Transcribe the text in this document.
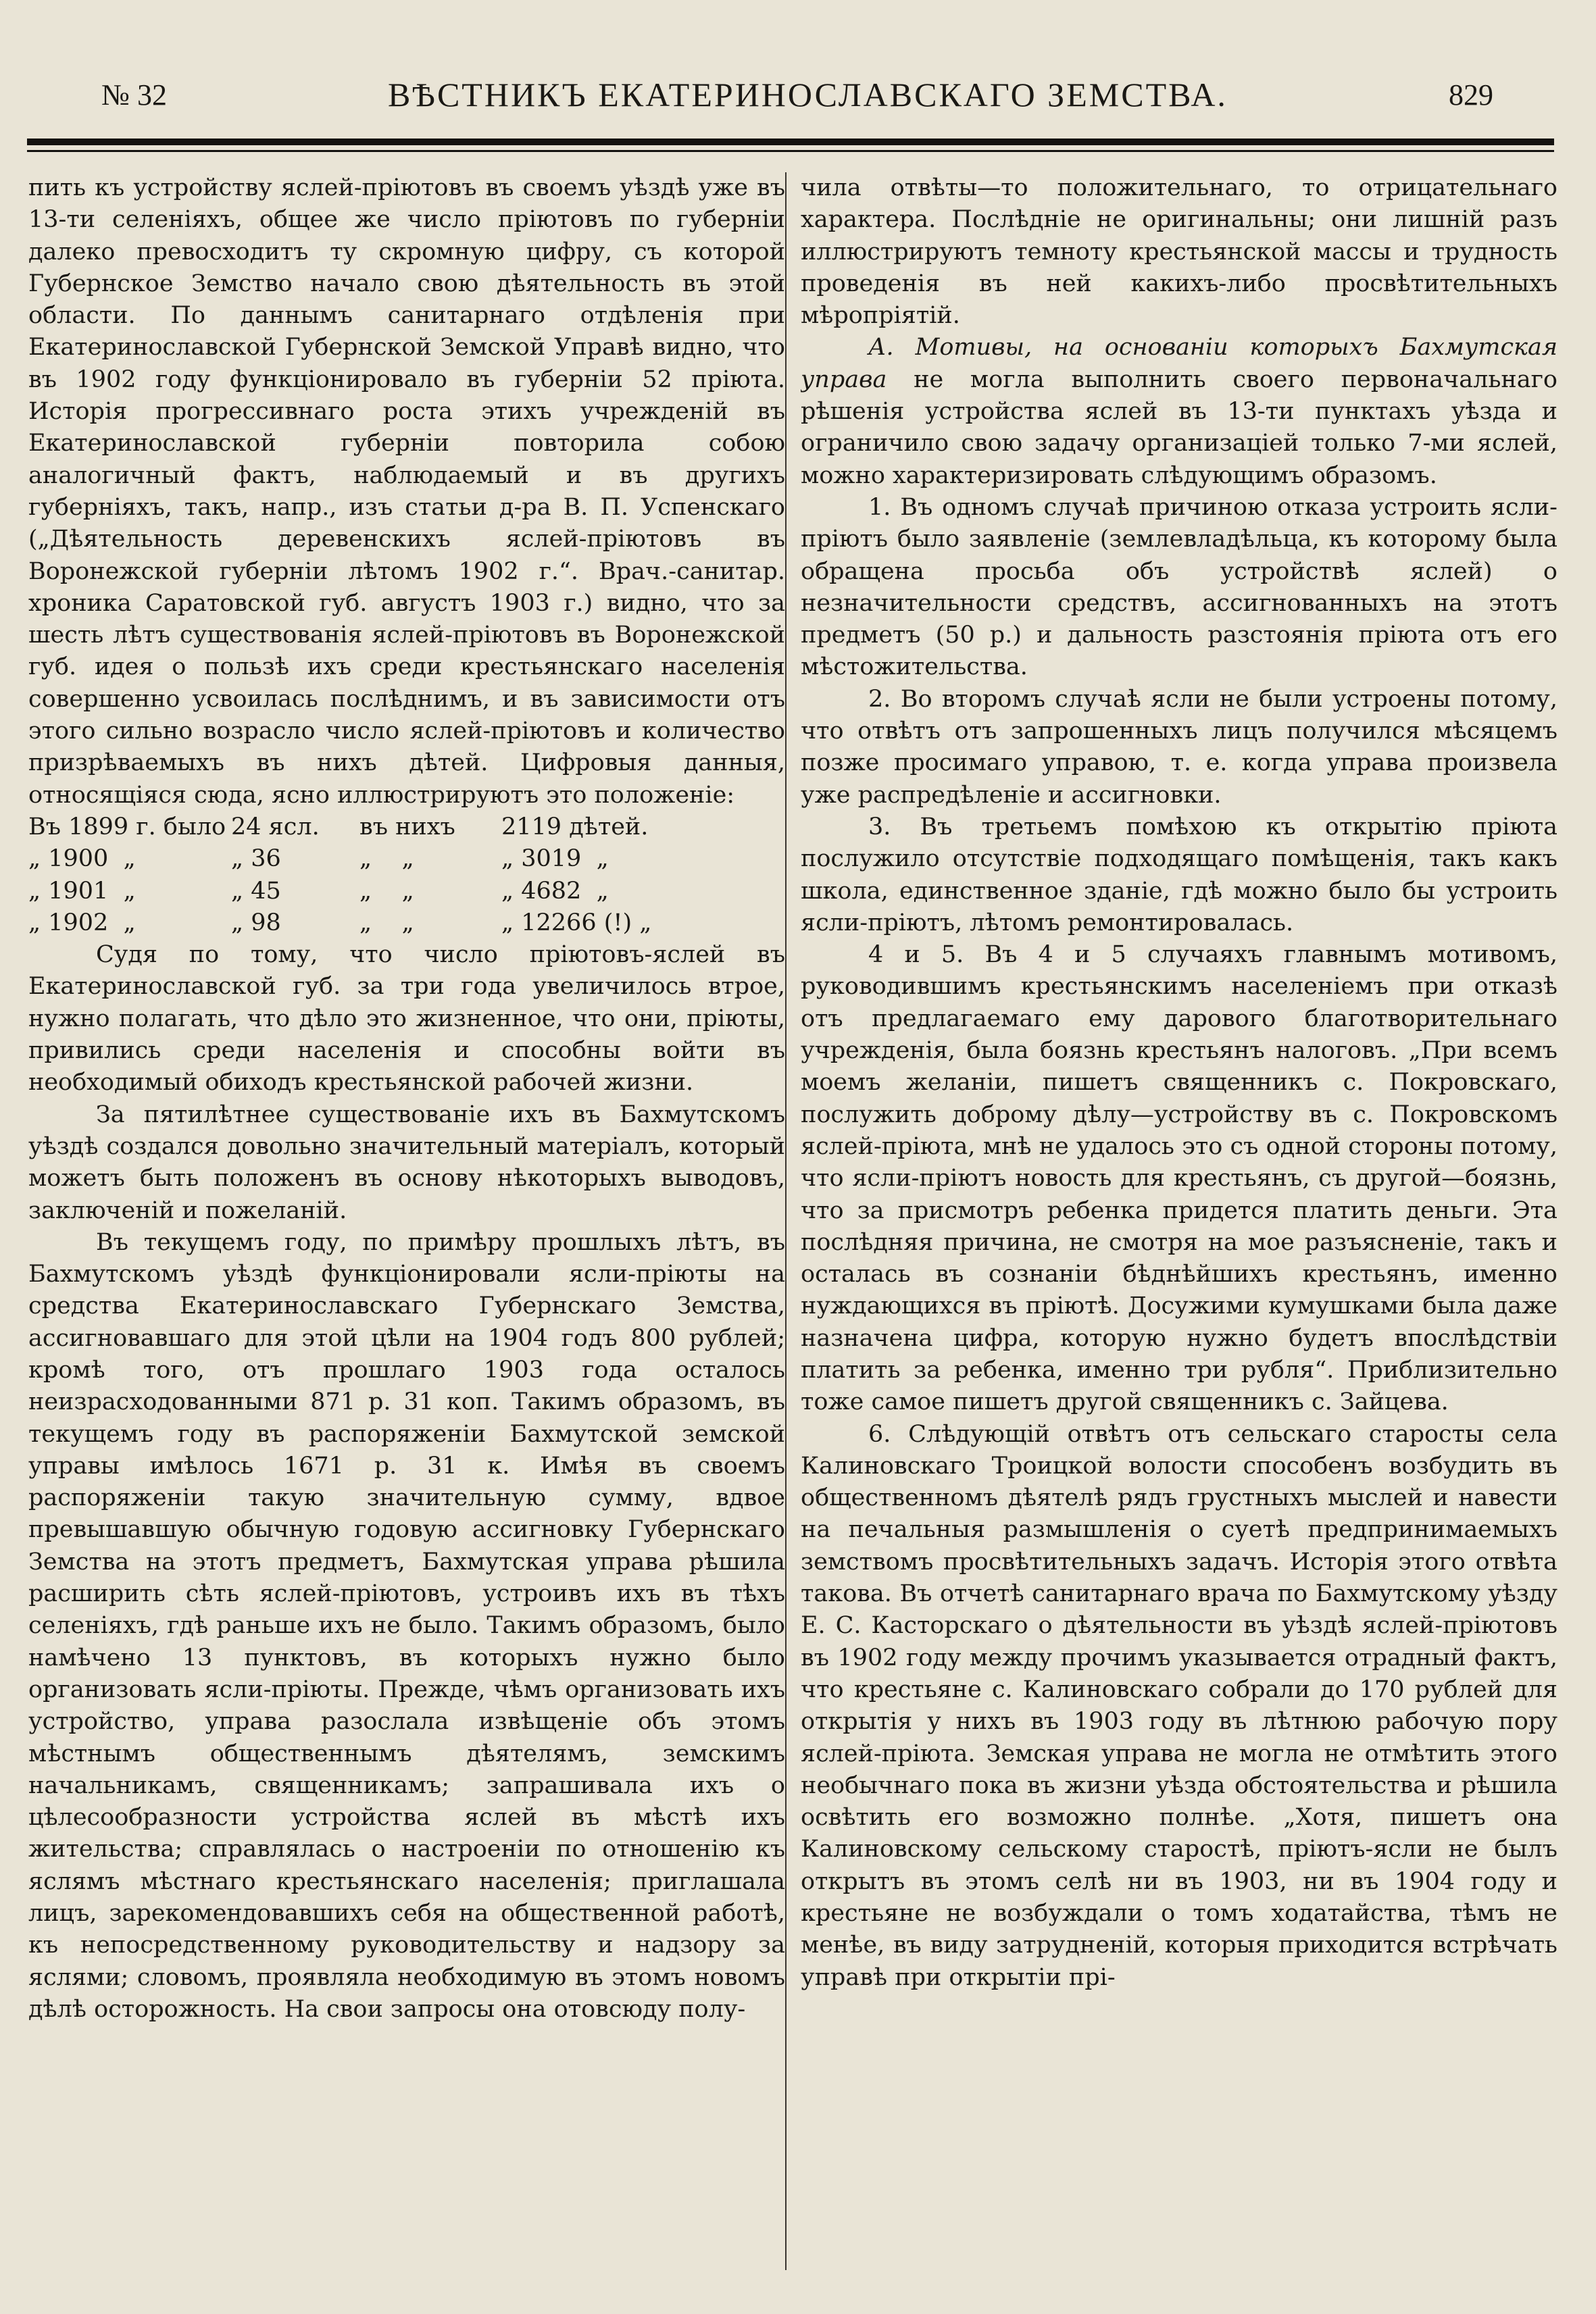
№ 32	ВѢСТНИКЪ ЕКАТЕРИНОСЛАВСКАГО ЗЕМСТВА.	829

пить къ устройству яслей-пріютовъ въ своемъ уѣздѣ уже въ 13-ти селеніяхъ, общее же число пріютовъ по губерніи далеко превосходитъ ту скромную цифру, съ которой Губернское Земство начало свою дѣятельность въ этой области. По даннымъ санитарнаго отдѣленія при Екатеринославской Губернской Земской Управѣ видно, что въ 1902 году функціонировало въ губерніи 52 пріюта. Исторія прогрессивнаго роста этихъ учрежденій въ Екатеринославской губерніи повторила собою аналогичный фактъ, наблюдаемый и въ другихъ губерніяхъ, такъ, напр., изъ статьи д-ра В. П. Успенскаго („Дѣятельность деревенскихъ яслей-пріютовъ въ Воронежской губерніи лѣтомъ 1902 г.“. Врач.-санитар. хроника Саратовской губ. августъ 1903 г.) видно, что за шесть лѣтъ существованія яслей-пріютовъ въ Воронежской губ. идея о пользѣ ихъ среди крестьянскаго населенія совершенно усвоилась послѣднимъ, и въ зависимости отъ этого сильно возрасло число яслей-пріютовъ и количество призрѣваемыхъ въ нихъ дѣтей. Цифровыя данныя, относящіяся сюда, ясно иллюстрируютъ это положеніе:

Въ 1899 г. было 24 ясл.	въ нихъ	2119 дѣтей.
„ 1900  „	„ 36	„    „	„ 3019  „
„ 1901  „	„ 45	„    „	„ 4682  „
„ 1902  „	„ 98	„    „	„ 12266 (!) „

Судя по тому, что число пріютовъ-яслей въ Екатеринославской губ. за три года увеличилось втрое, нужно полагать, что дѣло это жизненное, что они, пріюты, привились среди населенія и способны войти въ необходимый обиходъ крестьянской рабочей жизни.

За пятилѣтнее существованіе ихъ въ Бахмутскомъ уѣздѣ создался довольно значительный матеріалъ, который можетъ быть положенъ въ основу нѣкоторыхъ выводовъ, заключеній и пожеланій.

Въ текущемъ году, по примѣру прошлыхъ лѣтъ, въ Бахмутскомъ уѣздѣ функціонировали ясли-пріюты на средства Екатеринославскаго Губернскаго Земства, ассигновавшаго для этой цѣли на 1904 годъ 800 рублей; кромѣ того, отъ прошлаго 1903 года осталось неизрасходованными 871 р. 31 коп. Такимъ образомъ, въ текущемъ году въ распоряженіи Бахмутской земской управы имѣлось 1671 р. 31 к. Имѣя въ своемъ распоряженіи такую значительную сумму, вдвое превышавшую обычную годовую ассигновку Губернскаго Земства на этотъ предметъ, Бахмутская управа рѣшила расширить сѣть яслей-пріютовъ, устроивъ ихъ въ тѣхъ селеніяхъ, гдѣ раньше ихъ не было. Такимъ образомъ, было намѣчено 13 пунктовъ, въ которыхъ нужно было организовать ясли-пріюты. Прежде, чѣмъ организовать ихъ устройство, управа разослала извѣщеніе объ этомъ мѣстнымъ общественнымъ дѣятелямъ, земскимъ начальникамъ, священникамъ; запрашивала ихъ о цѣлесообразности устройства яслей въ мѣстѣ ихъ жительства; справлялась о настроеніи по отношенію къ яслямъ мѣстнаго крестьянскаго населенія; приглашала лицъ, зарекомендовавшихъ себя на общественной работѣ, къ непосредственному руководительству и надзору за яслями; словомъ, проявляла необходимую въ этомъ новомъ дѣлѣ осторожность. На свои запросы она отовсюду полу-

чила отвѣты—то положительнаго, то отрицательнаго характера. Послѣдніе не оригинальны; они лишній разъ иллюстрируютъ темноту крестьянской массы и трудность проведенія въ ней какихъ-либо просвѣтительныхъ мѣропріятій.

А. Мотивы, на основаніи которыхъ Бахмутская управа не могла выполнить своего первоначальнаго рѣшенія устройства яслей въ 13-ти пунктахъ уѣзда и ограничило свою задачу организаціей только 7-ми яслей, можно характеризировать слѣдующимъ образомъ.

1. Въ одномъ случаѣ причиною отказа устроить ясли-пріютъ было заявленіе (землевладѣльца, къ которому была обращена просьба объ устройствѣ яслей) о незначительности средствъ, ассигнованныхъ на этотъ предметъ (50 р.) и дальность разстоянія пріюта отъ его мѣстожительства.

2. Во второмъ случаѣ ясли не были устроены потому, что отвѣтъ отъ запрошенныхъ лицъ получился мѣсяцемъ позже просимаго управою, т. е. когда управа произвела уже распредѣленіе и ассигновки.

3. Въ третьемъ помѣхою къ открытію пріюта послужило отсутствіе подходящаго помѣщенія, такъ какъ школа, единственное зданіе, гдѣ можно было бы устроить ясли-пріютъ, лѣтомъ ремонтировалась.

4 и 5. Въ 4 и 5 случаяхъ главнымъ мотивомъ, руководившимъ крестьянскимъ населеніемъ при отказѣ отъ предлагаемаго ему дарового благотворительнаго учрежденія, была боязнь крестьянъ налоговъ. „При всемъ моемъ желаніи, пишетъ священникъ с. Покровскаго, послужить доброму дѣлу—устройству въ с. Покровскомъ яслей-пріюта, мнѣ не удалось это съ одной стороны потому, что ясли-пріютъ новость для крестьянъ, съ другой—боязнь, что за присмотръ ребенка придется платить деньги. Эта послѣдняя причина, не смотря на мое разъясненіе, такъ и осталась въ сознаніи бѣднѣйшихъ крестьянъ, именно нуждающихся въ пріютѣ. Досужими кумушками была даже назначена цифра, которую нужно будетъ впослѣдствіи платить за ребенка, именно три рубля“. Приблизительно тоже самое пишетъ другой священникъ с. Зайцева.

6. Слѣдующій отвѣтъ отъ сельскаго старосты села Калиновскаго Троицкой волости способенъ возбудить въ общественномъ дѣятелѣ рядъ грустныхъ мыслей и навести на печальныя размышленія о суетѣ предпринимаемыхъ земствомъ просвѣтительныхъ задачъ. Исторія этого отвѣта такова. Въ отчетѣ санитарнаго врача по Бахмутскому уѣзду Е. С. Касторскаго о дѣятельности въ уѣздѣ яслей-пріютовъ въ 1902 году между прочимъ указывается отрадный фактъ, что крестьяне с. Калиновскаго собрали до 170 рублей для открытія у нихъ въ 1903 году въ лѣтнюю рабочую пору яслей-пріюта. Земская управа не могла не отмѣтить этого необычнаго пока въ жизни уѣзда обстоятельства и рѣшила освѣтить его возможно полнѣе. „Хотя, пишетъ она Калиновскому сельскому старостѣ, пріютъ-ясли не былъ открытъ въ этомъ селѣ ни въ 1903, ни въ 1904 году и крестьяне не возбуждали о томъ ходатайства, тѣмъ не менѣе, въ виду затрудненій, которыя приходится встрѣчать управѣ при открытіи прі-
